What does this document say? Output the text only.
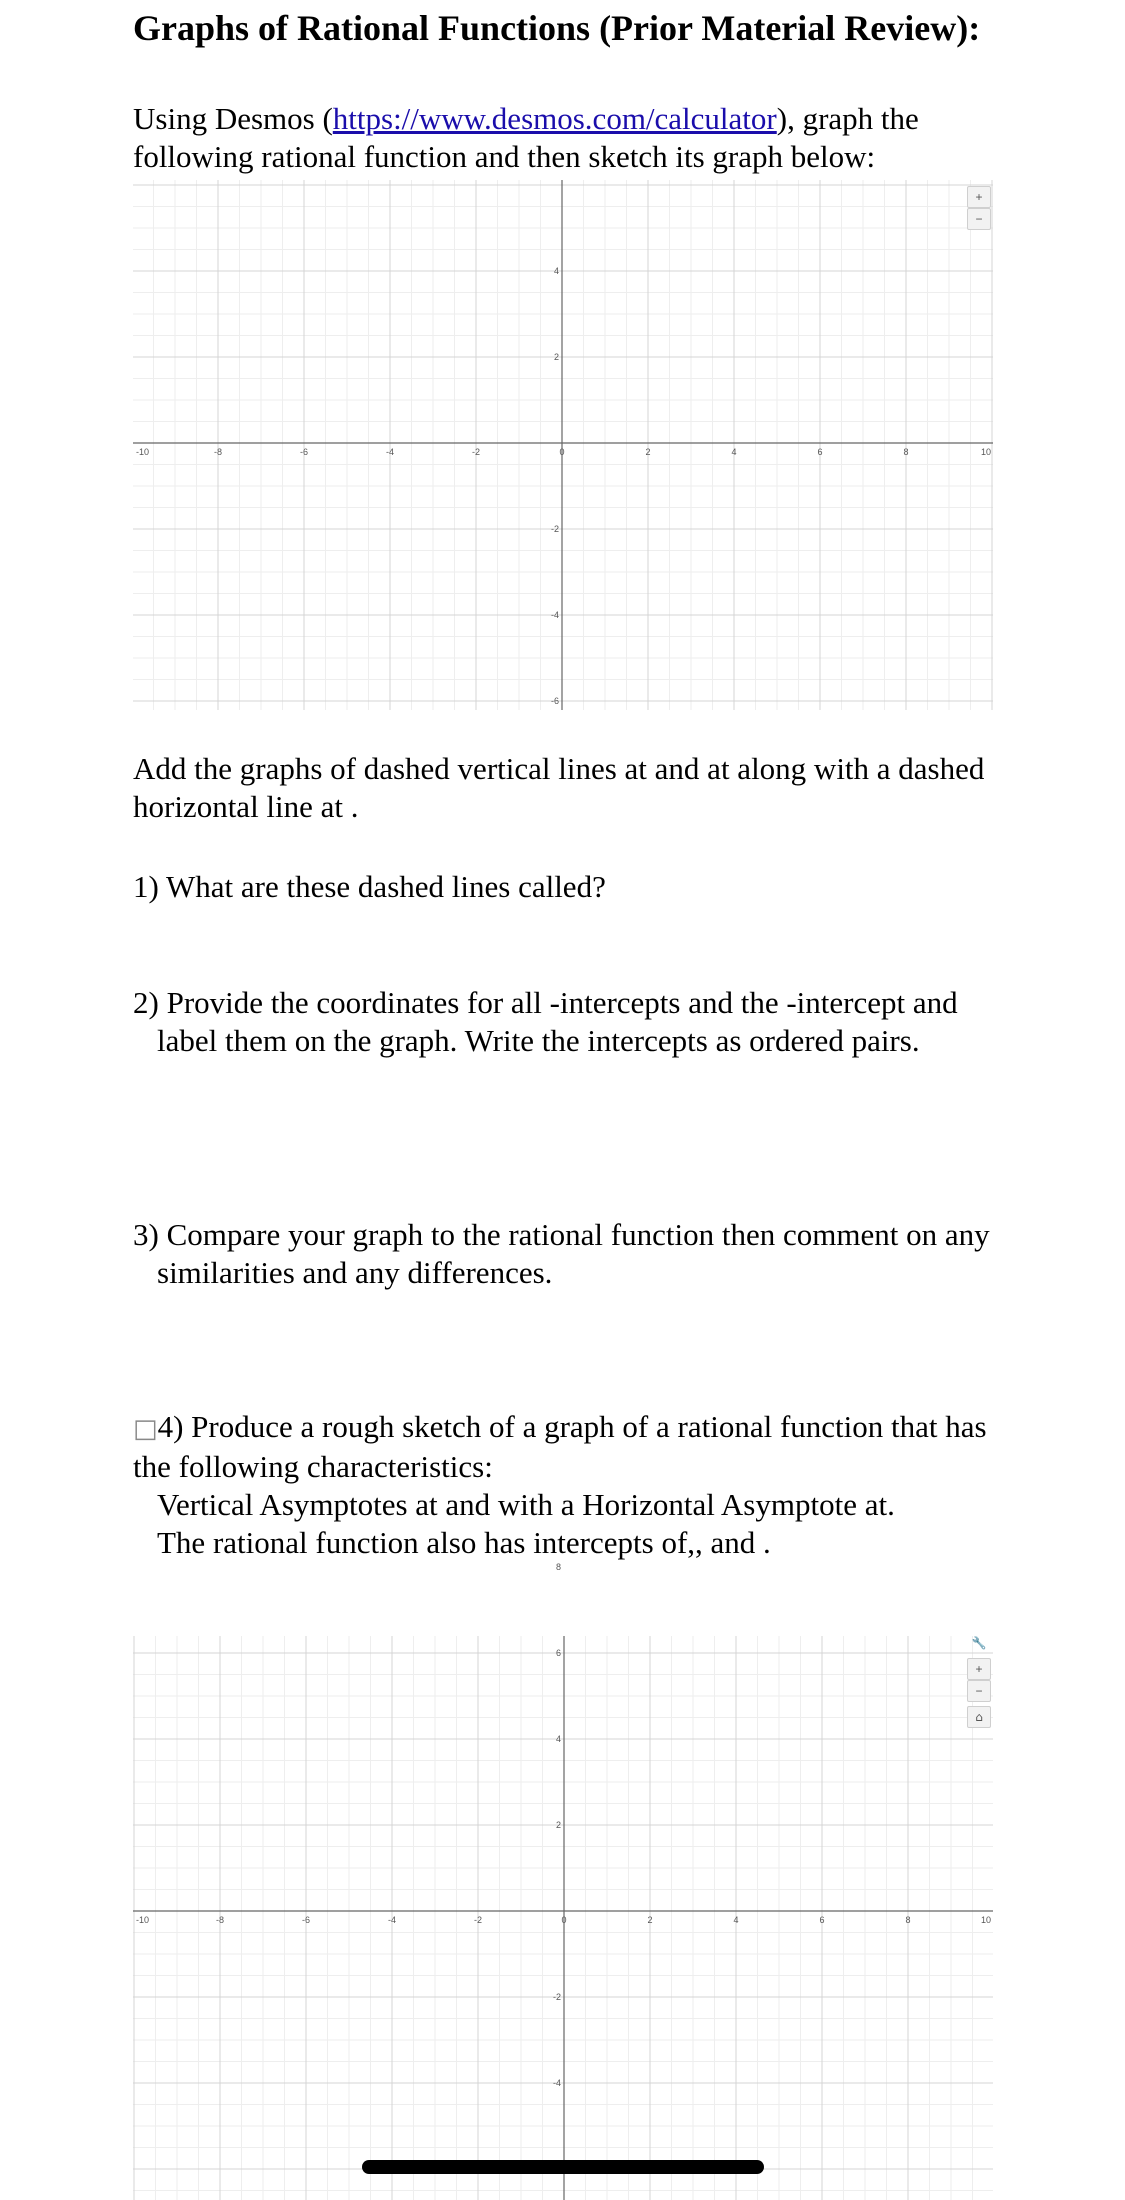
Graphs of Rational Functions (Prior Material Review):
Using Desmos (https://www.desmos.com/calculator), graph the following rational function and then sketch its graph below:
-10	-8	-6	-4	-2	0	2	4	6	8	10
4
2
-2
-4
-6
+
−
Add the graphs of dashed vertical lines at and at along with a dashed horizontal line at .
1) What are these dashed lines called?
2) Provide the coordinates for all -intercepts and the -intercept and label them on the graph. Write the intercepts as ordered pairs.
3) Compare your graph to the rational function then comment on any similarities and any differences.
□4) Produce a rough sketch of a graph of a rational function that has the following characteristics:
Vertical Asymptotes at and with a Horizontal Asymptote at.
The rational function also has intercepts of,, and .
-10	-8	-6	-4	-2	0	2	4	6	8	10
8
6
4
2
-2
-4
🔧
+
−
⌂
